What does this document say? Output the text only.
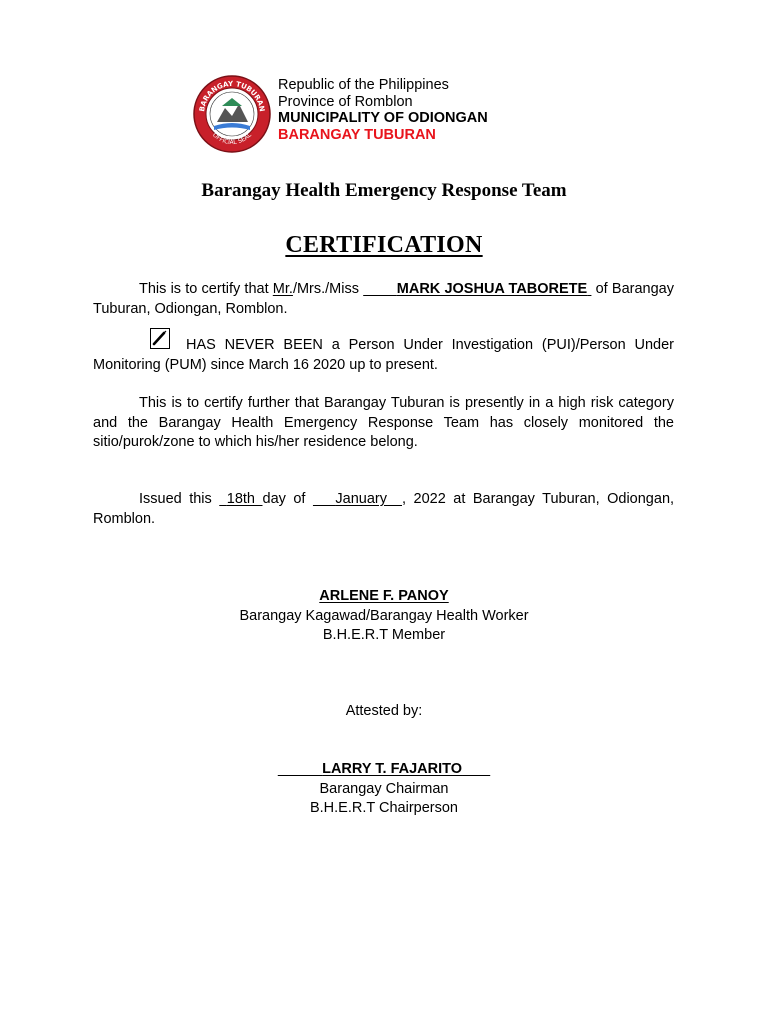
BARANGAY TUBURAN
OFFICIAL SEAL
Republic of the Philippines
Province of Romblon
MUNICIPALITY OF ODIONGAN
BARANGAY TUBURAN
Barangay Health Emergency Response Team
CERTIFICATION
This is to certify that Mr./Mrs./Miss         MARK JOSHUA TABORETE  of Barangay Tuburan, Odiongan, Romblon.
HAS NEVER BEEN a Person Under Investigation (PUI)/Person Under Monitoring (PUM) since March 16 2020 up to present.
This is to certify further that Barangay Tuburan is presently in a high risk category and the Barangay Health Emergency Response Team has closely monitored the sitio/purok/zone to which his/her residence belong.
Issued this  18th day of    January , 2022 at Barangay Tuburan, Odiongan, Romblon.
ARLENE F. PANOY
Barangay Kagawad/Barangay Health Worker
B.H.E.R.T Member
Attested by:
LARRY T. FAJARITO
Barangay Chairman
B.H.E.R.T Chairperson
